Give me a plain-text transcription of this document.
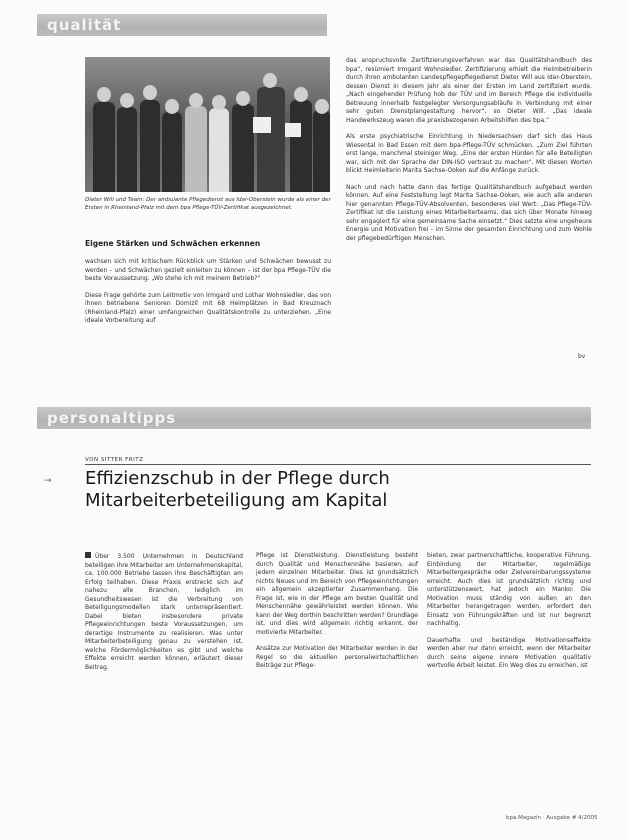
qualität
Dieter Will und Team: Der ambulante Pflegedienst aus Idar-Oberstein wurde als einer der Ersten in Rheinland-Pfalz mit dem bpa Pflege-TÜV-Zertifikat ausgezeichnet.
Eigene Stärken und Schwächen erkennen

wachsen sich mit kritischem Rückblick um Stärken und Schwächen bewusst zu werden – und Schwächen gezielt einleiten zu können – ist der bpa Pflege-TÜV die beste Voraussetzung. „Wo stehe ich mit meinem Betrieb?“

Diese Frage gehörte zum Leitmotiv von Irmgard und Lothar Wohnsiedler, das von ihnen betriebene Senioren Domizil mit 68 Heimplätzen in Bad Kreuznach (Rheinland-Pfalz) einer umfangreichen Qualitätskontrolle zu unterziehen. „Eine ideale Vorbereitung auf

das anspruchsvolle Zertifizierungsverfahren war das Qualitätshandbuch des bpa“, resümiert Irmgard Wohnsiedler. Zertifizierung erhielt die Heimbetreiberin durch ihren ambulanten Landespflegepflegedienst Dieter Will aus Idar-Oberstein, dessen Dienst in diesem Jahr als einer der Ersten im Land zertifiziert wurde. „Nach eingehender Prüfung hob der TÜV und im Bereich Pflege die individuelle Betreuung innerhalb festgelegter Versorgungsabläufe in Verbindung mit einer sehr guten Dienstplangestaltung hervor“, so Dieter Will. „Das ideale Handwerkszeug waren die praxisbezogenen Arbeitshilfen des bpa.“

Als erste psychiatrische Einrichtung in Niedersachsen darf sich das Haus Wiesental in Bad Essen mit dem bpa-Pflege-TÜV schmücken. „Zum Ziel führten erst lange, manchmal steiniger Weg. „Eine der ersten Hürden für alle Beteiligten war, sich mit der Sprache der DIN-ISO vertraut zu machen“. Mit diesen Worten blickt Heimleiterin Marita Sachse-Ooken auf die Anfänge zurück.

Nach und nach hatte dann das fertige Qualitätshandbuch aufgebaut werden können. Auf eine Feststellung legt Marita Sachse-Ooken, wie auch alle anderen hier genannten Pflege-TÜV-Absolventen, besonderes viel Wert: „Das Pflege-TÜV-Zertifikat ist die Leistung eines Mitarbeiterteams, das sich über Monate hinweg sehr engagiert für eine gemeinsame Sache einsetzt.“ Dies setzte eine ungeheure Energie und Motivation frei – im Sinne der gesamten Einrichtung und zum Wohle der pflegebedürftigen Menschen.

bv
personaltipps
VON SITTER FRITZ
→ Effizienzschub in der Pflege durch
Mitarbeiterbeteiligung am Kapital

Über 3.500 Unternehmen in Deutschland beteiligen ihre Mitarbeiter am Unternehmenskapital, ca. 100.000 Betriebe lassen ihre Beschäftigten am Erfolg teilhaben. Diese Praxis erstreckt sich auf nahezu alle Branchen, lediglich im Gesundheitswesen ist die Verbreitung von Beteiligungsmodellen stark unterrepräsentiert. Dabei bieten insbesondere private Pflegeeinrichtungen beste Voraussetzungen, um derartige Instrumente zu realisieren. Was unter Mitarbeiterbeteiligung genau zu verstehen ist, welche Fördermöglichkeiten es gibt und welche Effekte erreicht werden können, erläutert dieser Beitrag.

Pflege ist Dienstleistung. Dienstleistung besteht durch Qualität und Menschennähe basieren, auf jedem einzelnen Mitarbeiter. Dies ist grundsätzlich nichts Neues und im Bereich von Pflegeeinrichtungen ein allgemein akzeptierter Zusammenhang. Die Frage ist, wie in der Pflege am besten Qualität und Menschennähe gewährleistet werden können. Wie kann der Weg dorthin beschritten werden? Grundlage ist, und dies wird allgemein richtig erkannt, der motivierte Mitarbeiter.

Ansätze zur Motivation der Mitarbeiter werden in der Regel so die aktuellen personalwirtschaftlichen Beiträge zur Pflege-

bieten, zwar partnerschaftliche, kooperative Führung, Einbindung der Mitarbeiter, regelmäßige Mitarbeitergespräche oder Zielvereinbarungssysteme erreicht. Auch dies ist grundsätzlich richtig und unterstützenswert, hat jedoch ein Manko: Die Motivation muss ständig von außen an den Mitarbeiter herangetragen werden, erfordert den Einsatz von Führungskräften und ist nur begrenzt nachhaltig.

Dauerhafte und beständige Motivationseffekte werden aber nur dann erreicht, wenn der Mitarbeiter durch seine eigene innere Motivation qualitativ wertvolle Arbeit leistet. Ein Weg dies zu erreichen, ist

bpa.Magazin · Ausgabe # 4/2005
